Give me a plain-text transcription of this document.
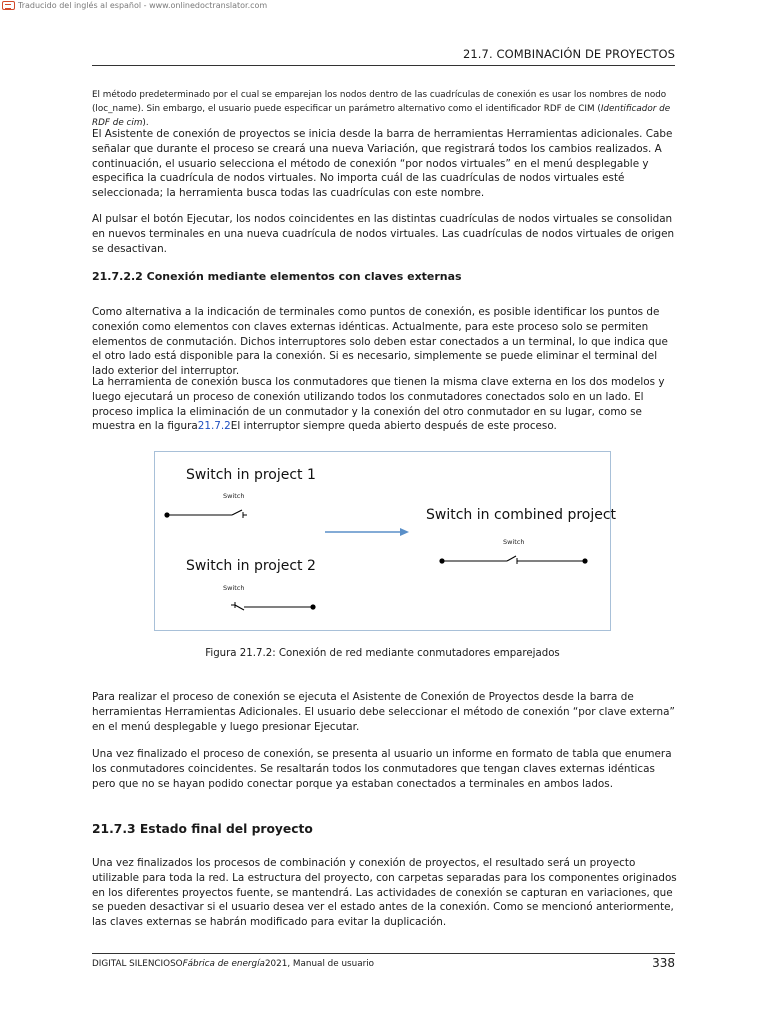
Traducido del inglés al español - www.onlinedoctranslator.com
21.7. COMBINACIÓN DE PROYECTOS

El método predeterminado por el cual se emparejan los nodos dentro de las cuadrículas de conexión es usar los nombres de nodo (loc_name). Sin embargo, el usuario puede especificar un parámetro alternativo como el identificador RDF de CIM (Identificador de RDF de cim).

El Asistente de conexión de proyectos se inicia desde la barra de herramientas Herramientas adicionales. Cabe señalar que durante el proceso se creará una nueva Variación, que registrará todos los cambios realizados. A continuación, el usuario selecciona el método de conexión “por nodos virtuales” en el menú desplegable y especifica la cuadrícula de nodos virtuales. No importa cuál de las cuadrículas de nodos virtuales esté seleccionada; la herramienta busca todas las cuadrículas con este nombre.

Al pulsar el botón Ejecutar, los nodos coincidentes en las distintas cuadrículas de nodos virtuales se consolidan en nuevos terminales en una nueva cuadrícula de nodos virtuales. Las cuadrículas de nodos virtuales de origen se desactivan.

21.7.2.2 Conexión mediante elementos con claves externas

Como alternativa a la indicación de terminales como puntos de conexión, es posible identificar los puntos de conexión como elementos con claves externas idénticas. Actualmente, para este proceso solo se permiten elementos de conmutación. Dichos interruptores solo deben estar conectados a un terminal, lo que indica que el otro lado está disponible para la conexión. Si es necesario, simplemente se puede eliminar el terminal del lado exterior del interruptor.

La herramienta de conexión busca los conmutadores que tienen la misma clave externa en los dos modelos y luego ejecutará un proceso de conexión utilizando todos los conmutadores conectados solo en un lado. El proceso implica la eliminación de un conmutador y la conexión del otro conmutador en su lugar, como se muestra en la figura21.7.2El interruptor siempre queda abierto después de este proceso.

Switch in project 1
Switch
Switch in combined project
Switch
Switch in project 2
Switch
Figura 21.7.2: Conexión de red mediante conmutadores emparejados

Para realizar el proceso de conexión se ejecuta el Asistente de Conexión de Proyectos desde la barra de herramientas Herramientas Adicionales. El usuario debe seleccionar el método de conexión “por clave externa” en el menú desplegable y luego presionar Ejecutar.

Una vez finalizado el proceso de conexión, se presenta al usuario un informe en formato de tabla que enumera los conmutadores coincidentes. Se resaltarán todos los conmutadores que tengan claves externas idénticas pero que no se hayan podido conectar porque ya estaban conectados a terminales en ambos lados.

21.7.3 Estado final del proyecto

Una vez finalizados los procesos de combinación y conexión de proyectos, el resultado será un proyecto utilizable para toda la red. La estructura del proyecto, con carpetas separadas para los componentes originados en los diferentes proyectos fuente, se mantendrá. Las actividades de conexión se capturan en variaciones, que se pueden desactivar si el usuario desea ver el estado antes de la conexión. Como se mencionó anteriormente, las claves externas se habrán modificado para evitar la duplicación.

DIGITAL SILENCIOSOFábrica de energía2021, Manual de usuario	338
